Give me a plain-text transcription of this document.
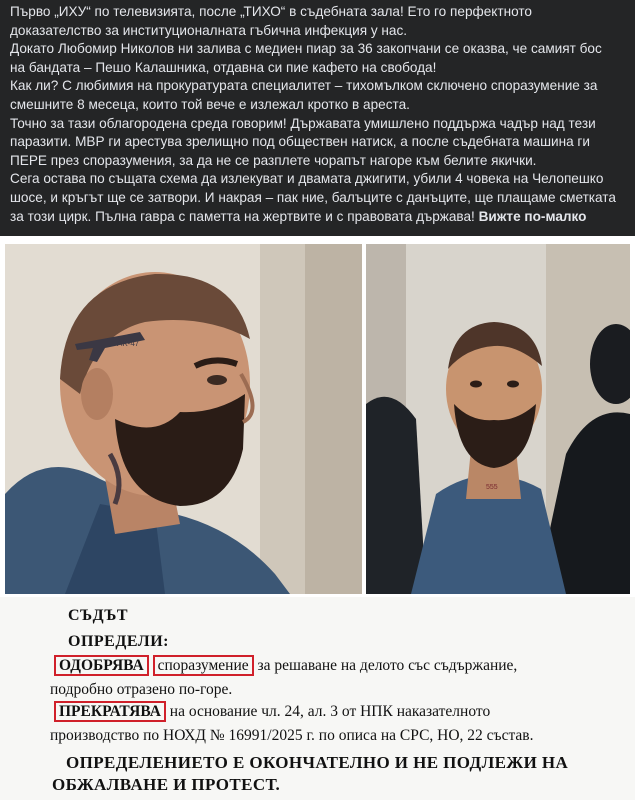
Първо „ИХУ“ по телевизията, после „ТИХО“ в съдебната зала! Ето го перфектното

доказателство за институционалната гъбична инфекция у нас.

Докато Любомир Николов ни залива с медиен пиар за 36 закопчани се оказва, че самият бос

на бандата – Пешо Калашника, отдавна си пие кафето на свобода!

Как ли? С любимия на прокуратурата специалитет – тихомълком сключено споразумение за

смешните 8 месеца, които той вече е излежал кротко в ареста.

Точно за тази облагородена среда говорим! Държавата умишлено поддържа чадър над тези

паразити. МВР ги арестува зрелищно под обществен натиск, а после съдебната машина ги

ПЕРЕ през споразумения, за да не се разплете чорапът нагоре към белите якички.

Сега остава по същата схема да излекуват и двамата джигити, убили 4 човека на Челопешко

шосе, и кръгът ще се затвори. И накрая – пак ние, балъците с данъците, ще плащаме сметката

за този цирк. Пълна гавра с паметта на жертвите и с правовата държава! Вижте по-малко

AK-47
555
СЪДЪТ
ОПРЕДЕЛИ:
ОДОБРЯВА споразумение за решаване на делото със съдържание,
подробно отразено по-горе.
ПРЕКРАТЯВА на основание чл. 24, ал. 3 от НПК наказателното
производство по НОХД № 16991/2025 г. по описа на СРС, НО, 22 състав.
ОПРЕДЕЛЕНИЕТО Е ОКОНЧАТЕЛНО И НЕ ПОДЛЕЖИ НА
ОБЖАЛВАНЕ И ПРОТЕСТ.
